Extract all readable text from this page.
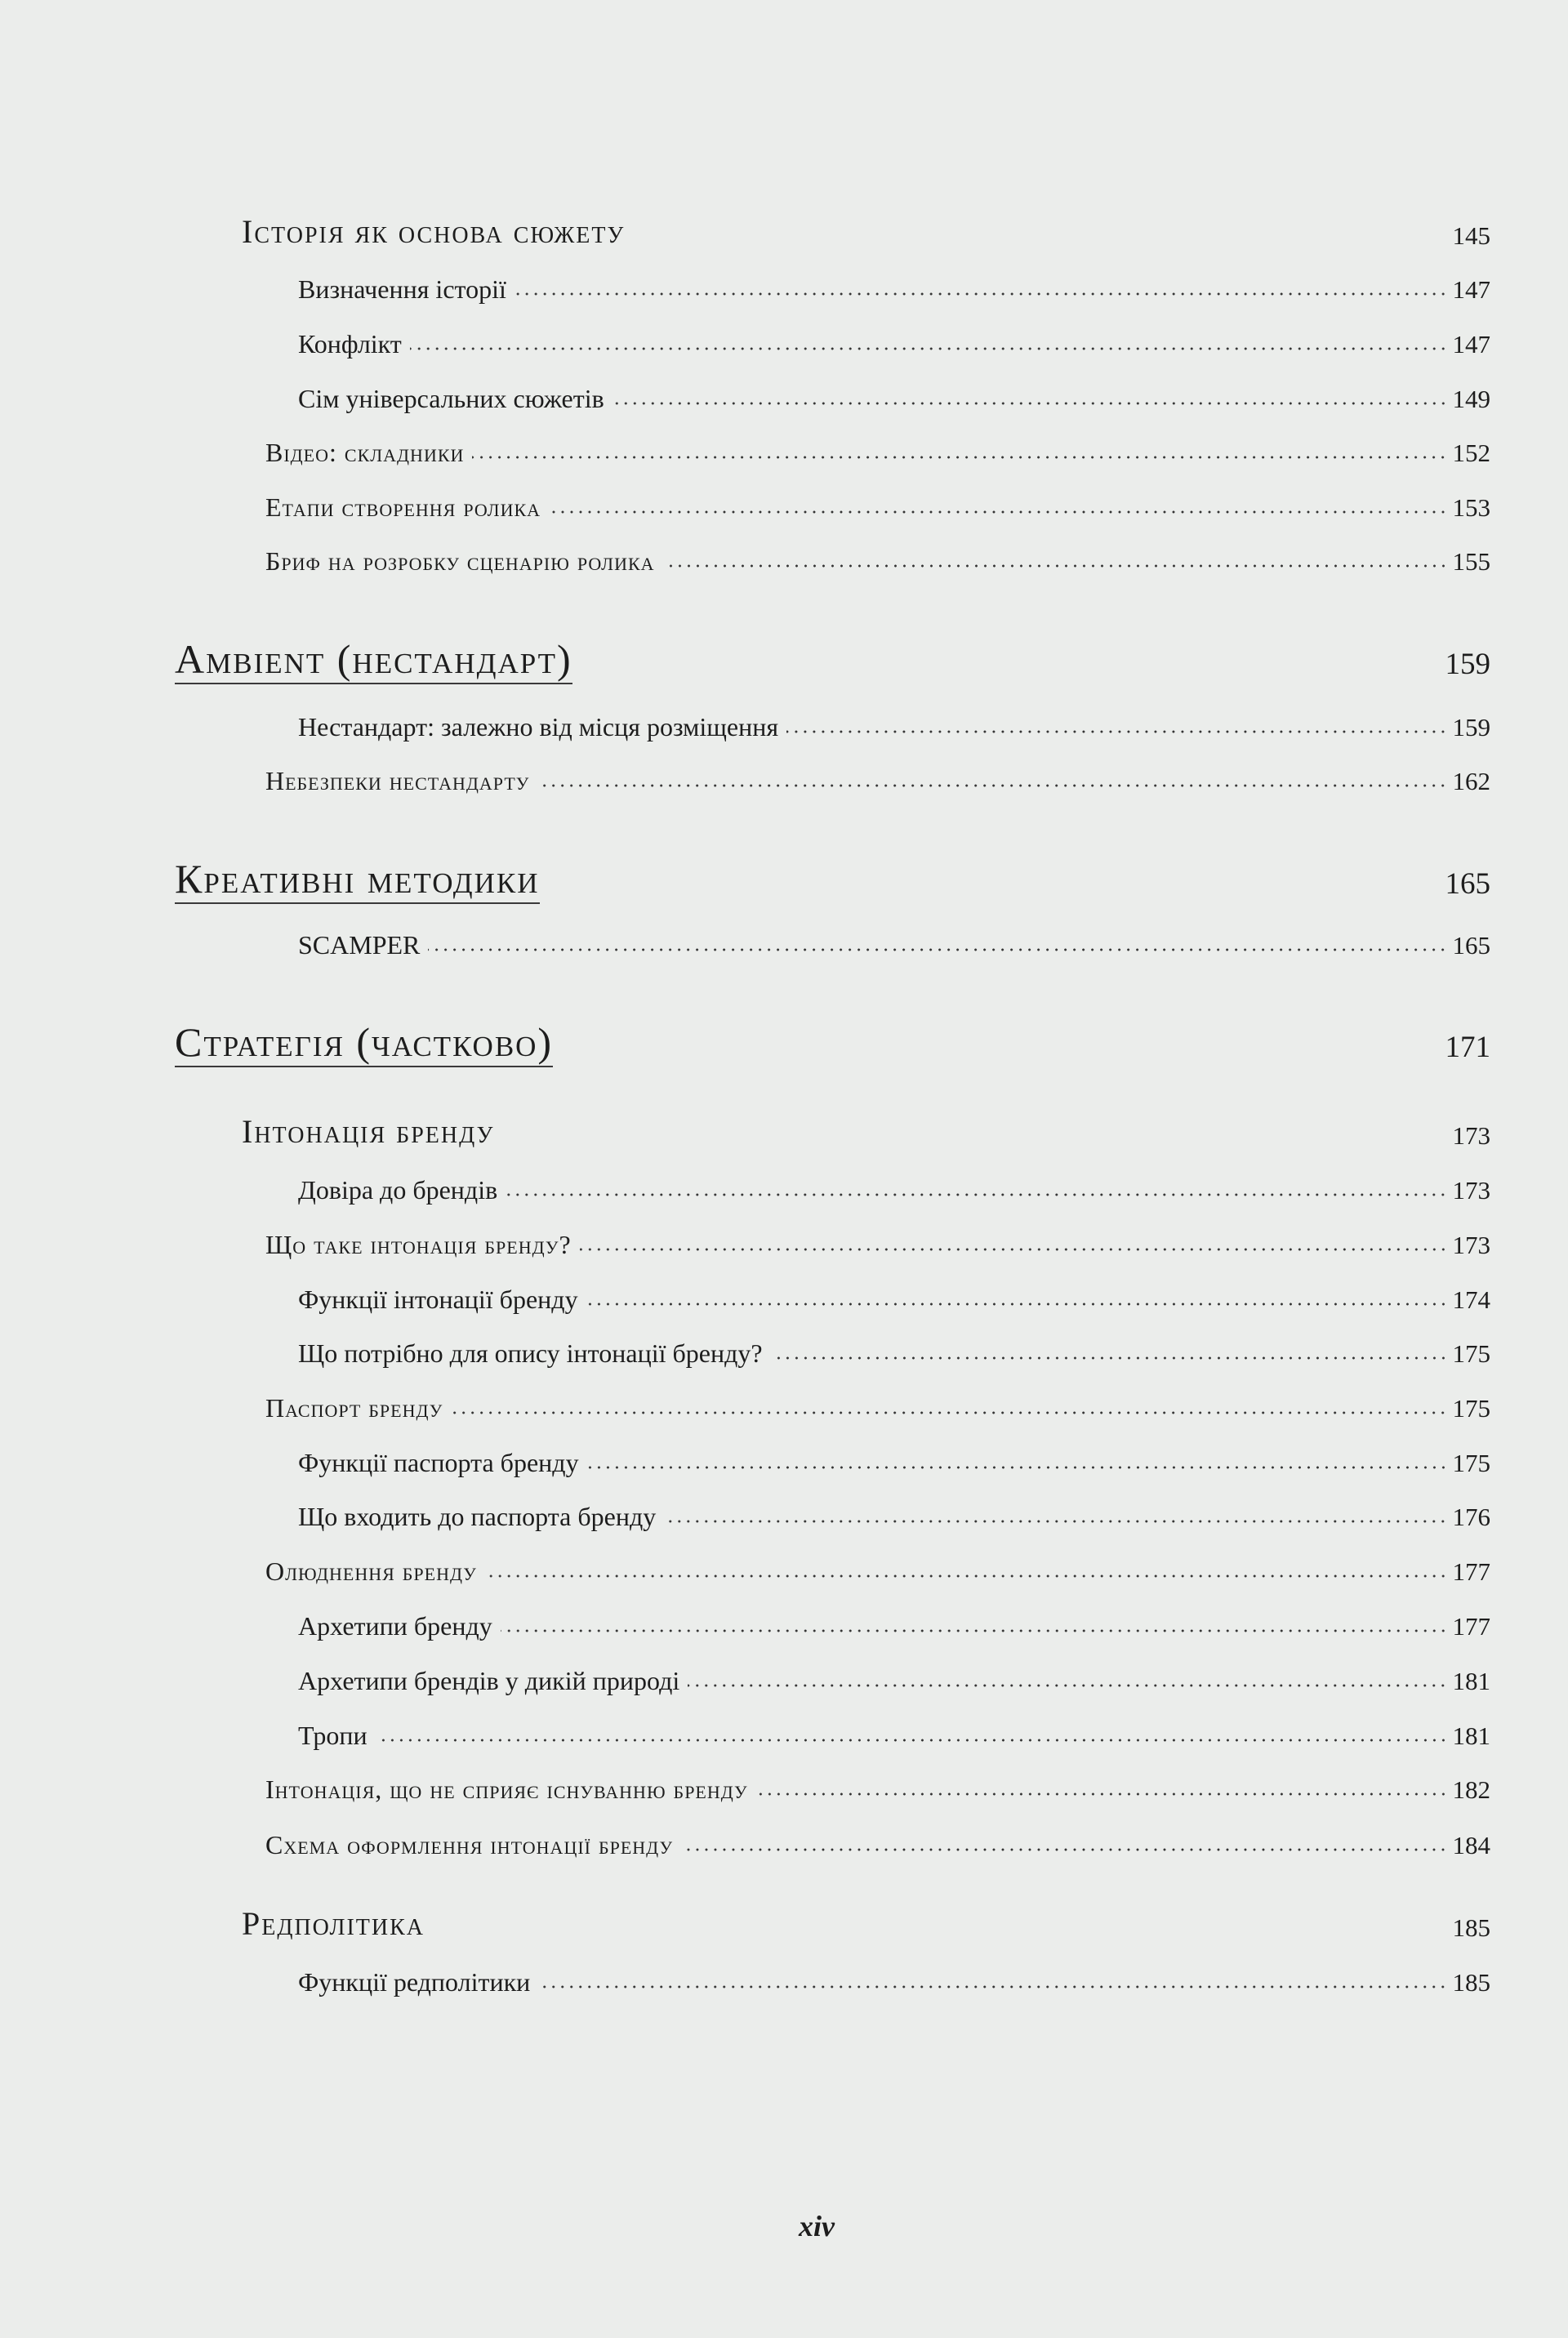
Історія як основа сюжету	145
Визначення історії	147
Конфлікт	147
Сім універсальних сюжетів	149
Відео: складники	152
Етапи створення ролика	153
Бриф на розробку сценарію ролика	155
Ambient (нестандарт)	159
Нестандарт: залежно від місця розміщення	159
Небезпеки нестандарту	162
Креативні методики	165
SCAMPER	165
Стратегія (частково)	171
Інтонація бренду	173
Довіра до брендів	173
Що таке інтонація бренду?	173
Функції інтонації бренду	174
Що потрібно для опису інтонації бренду?	175
Паспорт бренду	175
Функції паспорта бренду	175
Що входить до паспорта бренду	176
Олюднення бренду	177
Архетипи бренду	177
Архетипи брендів у дикій природі	181
Тропи	181
Інтонація, що не сприяє існуванню бренду	182
Схема оформлення інтонації бренду	184
Редполітика	185
Функції редполітики	185
xiv
